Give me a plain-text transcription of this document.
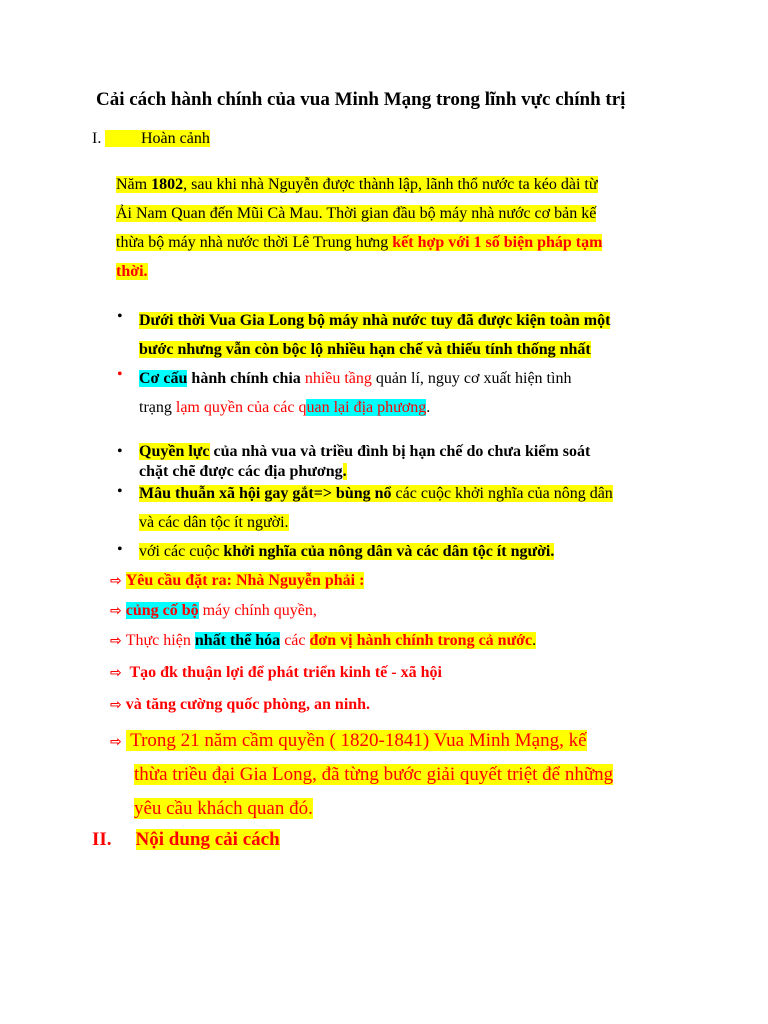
Cải cách hành chính của vua Minh Mạng trong lĩnh vực chính trị
I.	Hoàn cảnh
Năm 1802, sau khi nhà Nguyễn được thành lập, lãnh thổ nước ta kéo dài từ
Ải Nam Quan đến Mũi Cà Mau. Thời gian đầu bộ máy nhà nước cơ bản kế
thừa bộ máy nhà nước thời Lê Trung hưng kết hợp với 1 số biện pháp tạm
thời.
• Dưới thời Vua Gia Long bộ máy nhà nước tuy đã được kiện toàn một
bước nhưng vẫn còn bộc lộ nhiều hạn chế và thiếu tính thống nhất
• Cơ cấu hành chính chia nhiều tầng quản lí, nguy cơ xuất hiện tình
trạng lạm quyền của các quan lại địa phương.
• Quyền lực của nhà vua và triều đình bị hạn chế do chưa kiểm soát
chặt chẽ được các địa phương.
• Mâu thuẫn xã hội gay gắt=> bùng nổ các cuộc khởi nghĩa của nông dân
và các dân tộc ít người.
• với các cuộc khởi nghĩa của nông dân và các dân tộc ít người.
⇨ Yêu cầu đặt ra: Nhà Nguyễn phải :
⇨ củng cố bộ máy chính quyền,
⇨ Thực hiện nhất thể hóa các đơn vị hành chính trong cả nước.
⇨ Tạo đk thuận lợi để phát triển kinh tế - xã hội
⇨ và tăng cường quốc phòng, an ninh.
⇨ Trong 21 năm cầm quyền ( 1820-1841) Vua Minh Mạng, kế
thừa triều đại Gia Long, đã từng bước giải quyết triệt để những
yêu cầu khách quan đó.
II. Nội dung cải cách
